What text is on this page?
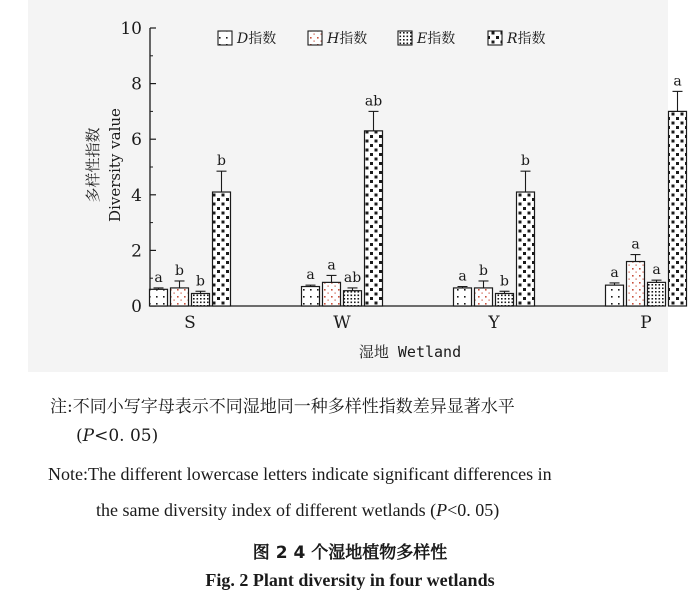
0
2
4
6
8
10
a b
b
b
S
a
a
ab
ab
W
a b
b
b
Y
a
a
a
a
P
D指数	H指数	E指数	R指数
多样性指数 Diversity value
湿地 Wetland
注:不同小写字母表示不同湿地同一种多样性指数差异显著水平
(P<0. 05)
Note:The different lowercase letters indicate significant differences in
the same diversity index of different wetlands (P<0. 05)
图 2 4 个湿地植物多样性
Fig. 2 Plant diversity in four wetlands
